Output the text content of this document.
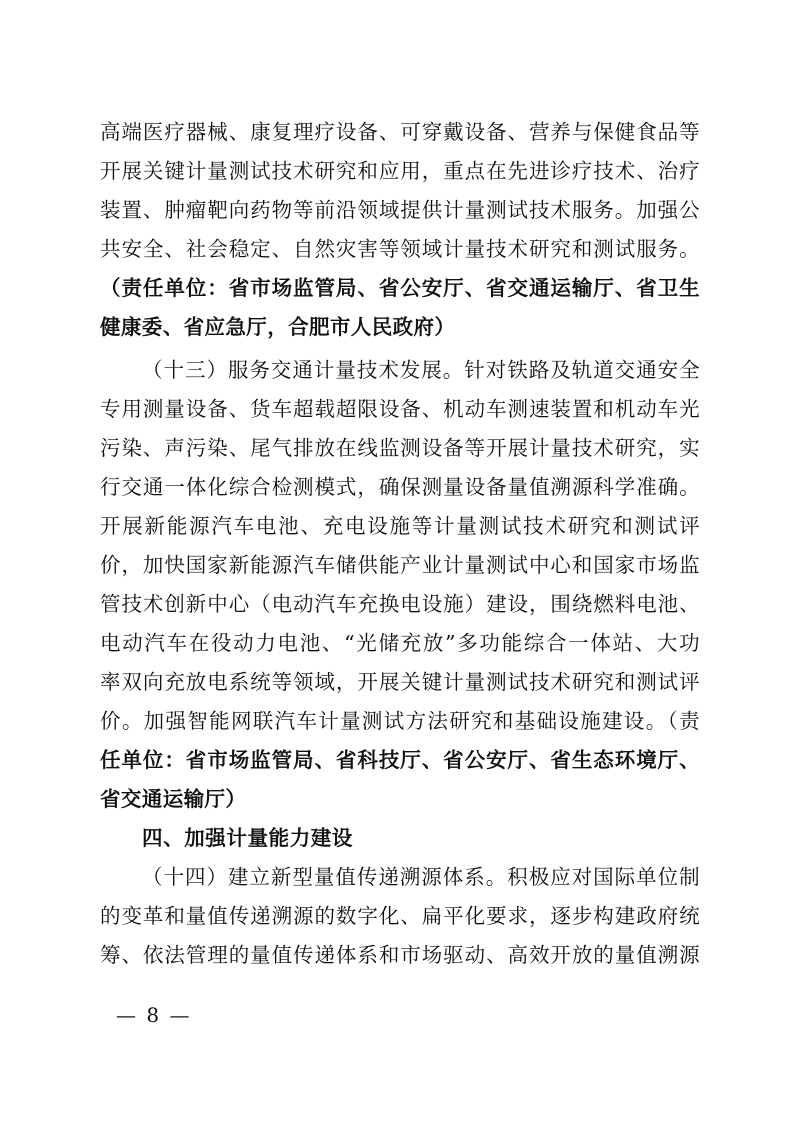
高端医疗器械、康复理疗设备、可穿戴设备、营养与保健食品等
开展关键计量测试技术研究和应用，重点在先进诊疗技术、治疗
装置、肿瘤靶向药物等前沿领域提供计量测试技术服务。加强公
共安全、社会稳定、自然灾害等领域计量技术研究和测试服务。
（责任单位：省市场监管局、省公安厅、省交通运输厅、省卫生
健康委、省应急厅，合肥市人民政府）
（十三）服务交通计量技术发展。针对铁路及轨道交通安全
专用测量设备、货车超载超限设备、机动车测速装置和机动车光
污染、声污染、尾气排放在线监测设备等开展计量技术研究，实
行交通一体化综合检测模式，确保测量设备量值溯源科学准确。
开展新能源汽车电池、充电设施等计量测试技术研究和测试评
价，加快国家新能源汽车储供能产业计量测试中心和国家市场监
管技术创新中心（电动汽车充换电设施）建设，围绕燃料电池、
电动汽车在役动力电池、“光储充放”多功能综合一体站、大功
率双向充放电系统等领域，开展关键计量测试技术研究和测试评
价。加强智能网联汽车计量测试方法研究和基础设施建设。（责
任单位：省市场监管局、省科技厅、省公安厅、省生态环境厅、
省交通运输厅）
四、加强计量能力建设
（十四）建立新型量值传递溯源体系。积极应对国际单位制
的变革和量值传递溯源的数字化、扁平化要求，逐步构建政府统
筹、依法管理的量值传递体系和市场驱动、高效开放的量值溯源
— 8 —
